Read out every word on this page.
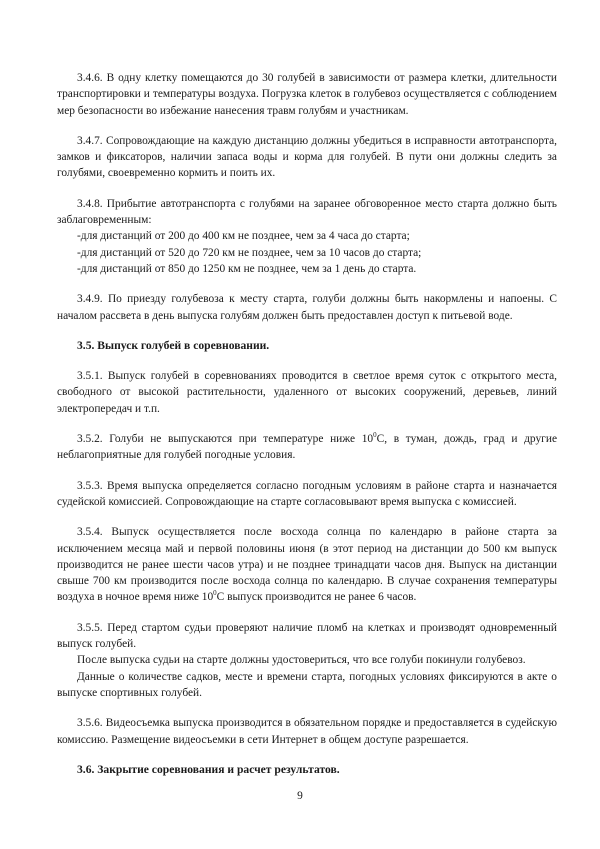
3.4.6. В одну клетку помещаются до 30 голубей в зависимости от размера клетки, длительности транспортировки и температуры воздуха. Погрузка клеток в голубевоз осуществляется с соблюдением мер безопасности во избежание нанесения травм голубям и участникам.

3.4.7. Сопровождающие на каждую дистанцию должны убедиться в исправности автотранспорта, замков и фиксаторов, наличии запаса воды и корма для голубей. В пути они должны следить за голубями, своевременно кормить и поить их.

3.4.8. Прибытие автотранспорта с голубями на заранее обговоренное место старта должно быть заблаговременным:

-для дистанций от 200 до 400 км не позднее, чем за 4 часа до старта;

-для дистанций от 520 до 720 км не позднее, чем за 10 часов до старта;

-для дистанций от 850 до 1250 км не позднее, чем за 1 день до старта.

3.4.9. По приезду голубевоза к месту старта, голуби должны быть накормлены и напоены. С началом рассвета в день выпуска голубям должен быть предоставлен доступ к питьевой воде.

3.5. Выпуск голубей в соревновании.

3.5.1. Выпуск голубей в соревнованиях проводится в светлое время суток с открытого места, свободного от высокой растительности, удаленного от высоких сооружений, деревьев, линий электропередач и т.п.

3.5.2. Голуби не выпускаются при температуре ниже $10^0С$, в туман, дождь, град и другие неблагоприятные для голубей погодные условия.

3.5.3. Время выпуска определяется согласно погодным условиям в районе старта и назначается судейской комиссией. Сопровождающие на старте согласовывают время выпуска с комиссией.

3.5.4. Выпуск осуществляется после восхода солнца по календарю в районе старта за исключением месяца май и первой половины июня (в этот период на дистанции до 500 км выпуск производится не ранее шести часов утра) и не позднее тринадцати часов дня. Выпуск на дистанции свыше 700 км производится после восхода солнца по календарю. В случае сохранения температуры воздуха в ночное время ниже $10^0С$ выпуск производится не ранее 6 часов.

3.5.5. Перед стартом судьи проверяют наличие пломб на клетках и производят одновременный выпуск голубей.

После выпуска судьи на старте должны удостовериться, что все голуби покинули голубевоз.

Данные о количестве садков, месте и времени старта, погодных условиях фиксируются в акте о выпуске спортивных голубей.

3.5.6. Видеосъемка выпуска производится в обязательном порядке и предоставляется в судейскую комиссию. Размещение видеосъемки в сети Интернет в общем доступе разрешается.

3.6. Закрытие соревнования и расчет результатов.

9
